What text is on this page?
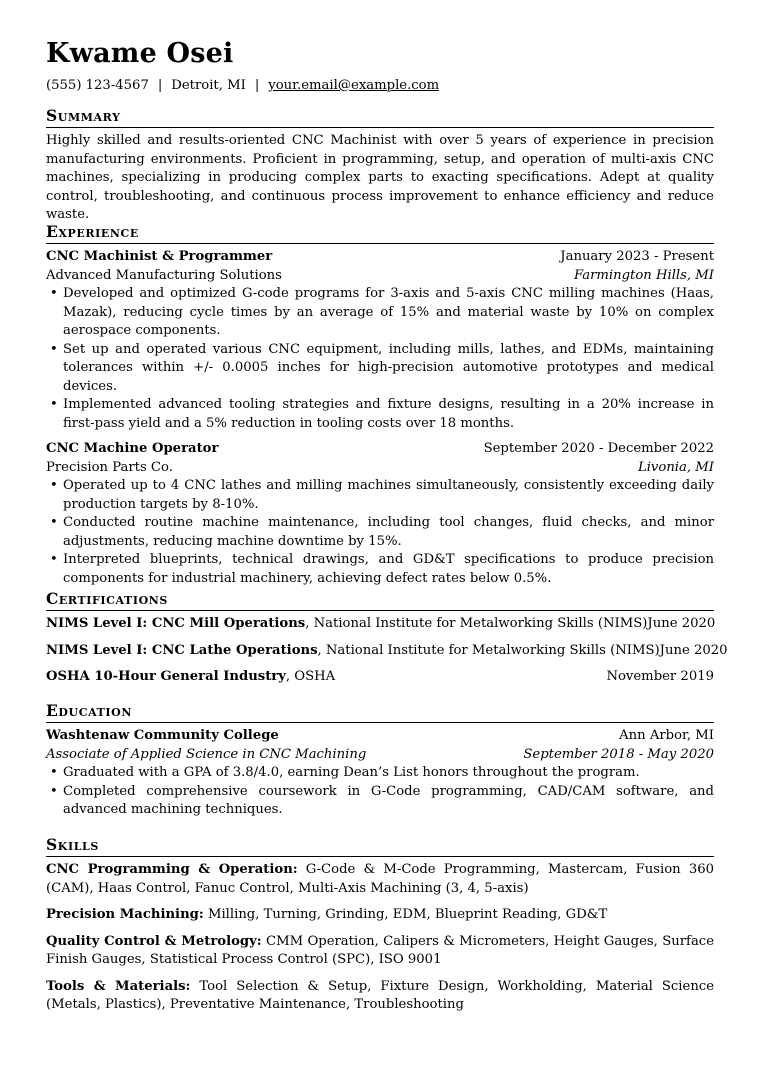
Kwame Osei
(555) 123-4567 | Detroit, MI | your.email@example.com
Summary

Highly skilled and results-oriented CNC Machinist with over 5 years of experience in precision manufacturing environments. Proficient in programming, setup, and operation of multi-axis CNC machines, specializing in producing complex parts to exacting specifications. Adept at quality control, troubleshooting, and continuous process improvement to enhance efficiency and reduce waste.

Experience
CNC Machinist & Programmer	January 2023 - Present
Advanced Manufacturing Solutions	Farmington Hills, MI
• Developed and optimized G-code programs for 3-axis and 5-axis CNC milling machines (Haas, Mazak), reducing cycle times by an average of 15% and material waste by 10% on complex aerospace components.
• Set up and operated various CNC equipment, including mills, lathes, and EDMs, maintaining tolerances within +/- 0.0005 inches for high-precision automotive prototypes and medical devices.
• Implemented advanced tooling strategies and fixture designs, resulting in a 20% increase in first-pass yield and a 5% reduction in tooling costs over 18 months.
CNC Machine Operator	September 2020 - December 2022
Precision Parts Co.	Livonia, MI
• Operated up to 4 CNC lathes and milling machines simultaneously, consistently exceeding daily production targets by 8-10%.
• Conducted routine machine maintenance, including tool changes, fluid checks, and minor adjustments, reducing machine downtime by 15%.
• Interpreted blueprints, technical drawings, and GD&T specifications to produce precision components for industrial machinery, achieving defect rates below 0.5%.
Certifications
NIMS Level I: CNC Mill Operations, National Institute for Metalworking Skills (NIMS) June 2020
NIMS Level I: CNC Lathe Operations, National Institute for Metalworking Skills (NIMS) June 2020
OSHA 10-Hour General Industry, OSHA	November 2019
Education
Washtenaw Community College	Ann Arbor, MI
Associate of Applied Science in CNC Machining	September 2018 - May 2020
• Graduated with a GPA of 3.8/4.0, earning Dean’s List honors throughout the program.
• Completed comprehensive coursework in G-Code programming, CAD/CAM software, and advanced machining techniques.
Skills
CNC Programming & Operation: G-Code & M-Code Programming, Mastercam, Fusion 360 (CAM), Haas Control, Fanuc Control, Multi-Axis Machining (3, 4, 5-axis)
Precision Machining: Milling, Turning, Grinding, EDM, Blueprint Reading, GD&T
Quality Control & Metrology: CMM Operation, Calipers & Micrometers, Height Gauges, Surface Finish Gauges, Statistical Process Control (SPC), ISO 9001
Tools & Materials: Tool Selection & Setup, Fixture Design, Workholding, Material Science (Metals, Plastics), Preventative Maintenance, Troubleshooting
